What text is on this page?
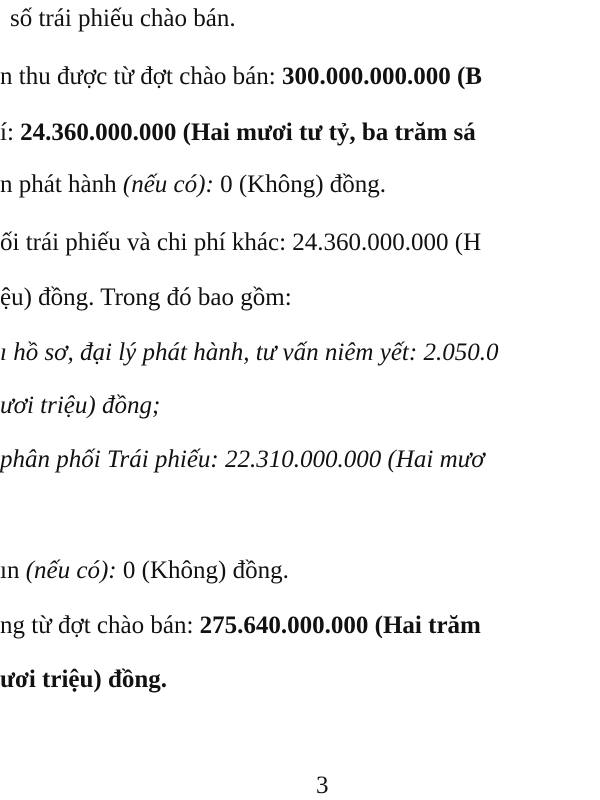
số trái phiếu chào bán.
n thu được từ đợt chào bán: 300.000.000.000 (B
í: 24.360.000.000 (Hai mươi tư tỷ, ba trăm sá
n phát hành (nếu có): 0 (Không) đồng.
ối trái phiếu và chi phí khác: 24.360.000.000 (H
ệu) đồng. Trong đó bao gồm:
ı hồ sơ, đại lý phát hành, tư vấn niêm yết: 2.050.0
ươi triệu) đồng;
phân phối Trái phiếu: 22.310.000.000 (Hai mươ
ın (nếu có): 0 (Không) đồng.
ng từ đợt chào bán: 275.640.000.000 (Hai trăm
ươi triệu) đồng.
3
